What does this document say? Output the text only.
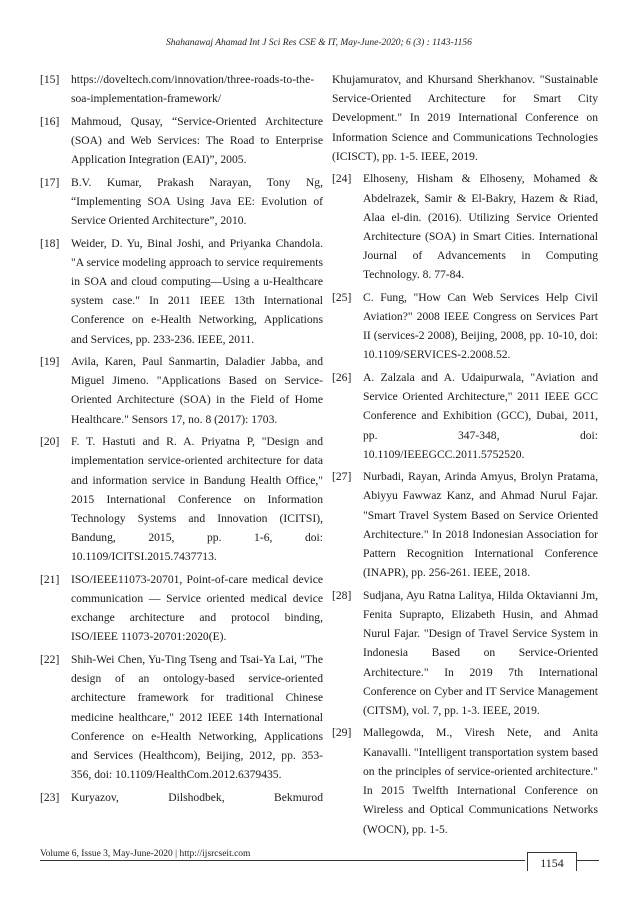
Shahanawaj Ahamad Int J Sci Res CSE & IT, May-June-2020; 6 (3) : 1143-1156
[15]	https://doveltech.com/innovation/three-roads-to-the-soa-implementation-framework/
[16]	Mahmoud, Qusay, “Service-Oriented Architecture (SOA) and Web Services: The Road to Enterprise Application Integration (EAI)”, 2005.
[17]	B.V. Kumar, Prakash Narayan, Tony Ng, “Implementing SOA Using Java EE: Evolution of Service Oriented Architecture”, 2010.
[18]	Weider, D. Yu, Binal Joshi, and Priyanka Chandola. "A service modeling approach to service requirements in SOA and cloud computing—Using a u-Healthcare system case." In 2011 IEEE 13th International Conference on e-Health Networking, Applications and Services, pp. 233-236. IEEE, 2011.
[19]	Avila, Karen, Paul Sanmartin, Daladier Jabba, and Miguel Jimeno. "Applications Based on Service-Oriented Architecture (SOA) in the Field of Home Healthcare." Sensors 17, no. 8 (2017): 1703.
[20]	F. T. Hastuti and R. A. Priyatna P, "Design and implementation service-oriented architecture for data and information service in Bandung Health Office," 2015 International Conference on Information Technology Systems and Innovation (ICITSI), Bandung, 2015, pp. 1-6, doi: 10.1109/ICITSI.2015.7437713.
[21]	ISO/IEEE11073-20701, Point-of-care medical device communication — Service oriented medical device exchange architecture and protocol binding, ISO/IEEE 11073-20701:2020(E).
[22]	Shih-Wei Chen, Yu-Ting Tseng and Tsai-Ya Lai, "The design of an ontology-based service-oriented architecture framework for traditional Chinese medicine healthcare," 2012 IEEE 14th International Conference on e-Health Networking, Applications and Services (Healthcom), Beijing, 2012, pp. 353-356, doi: 10.1109/HealthCom.2012.6379435.
[23]	Kuryazov, Dilshodbek, Bekmurod
Khujamuratov, and Khursand Sherkhanov. "Sustainable Service-Oriented Architecture for Smart City Development." In 2019 International Conference on Information Science and Communications Technologies (ICISCT), pp. 1-5. IEEE, 2019.
[24]	Elhoseny, Hisham & Elhoseny, Mohamed & Abdelrazek, Samir & El-Bakry, Hazem & Riad, Alaa el-din. (2016). Utilizing Service Oriented Architecture (SOA) in Smart Cities. International Journal of Advancements in Computing Technology. 8. 77-84.
[25]	C. Fung, "How Can Web Services Help Civil Aviation?" 2008 IEEE Congress on Services Part II (services-2 2008), Beijing, 2008, pp. 10-10, doi: 10.1109/SERVICES-2.2008.52.
[26]	A. Zalzala and A. Udaipurwala, "Aviation and Service Oriented Architecture," 2011 IEEE GCC Conference and Exhibition (GCC), Dubai, 2011, pp. 347-348, doi: 10.1109/IEEEGCC.2011.5752520.
[27]	Nurbadi, Rayan, Arinda Amyus, Brolyn Pratama, Abiyyu Fawwaz Kanz, and Ahmad Nurul Fajar. "Smart Travel System Based on Service Oriented Architecture." In 2018 Indonesian Association for Pattern Recognition International Conference (INAPR), pp. 256-261. IEEE, 2018.
[28]	Sudjana, Ayu Ratna Lalitya, Hilda Oktavianni Jm, Fenita Suprapto, Elizabeth Husin, and Ahmad Nurul Fajar. "Design of Travel Service System in Indonesia Based on Service-Oriented Architecture." In 2019 7th International Conference on Cyber and IT Service Management (CITSM), vol. 7, pp. 1-3. IEEE, 2019.
[29]	Mallegowda, M., Viresh Nete, and Anita Kanavalli. "Intelligent transportation system based on the principles of service-oriented architecture." In 2015 Twelfth International Conference on Wireless and Optical Communications Networks (WOCN), pp. 1-5.
Volume 6, Issue 3, May-June-2020 | http://ijsrcseit.com
1154
